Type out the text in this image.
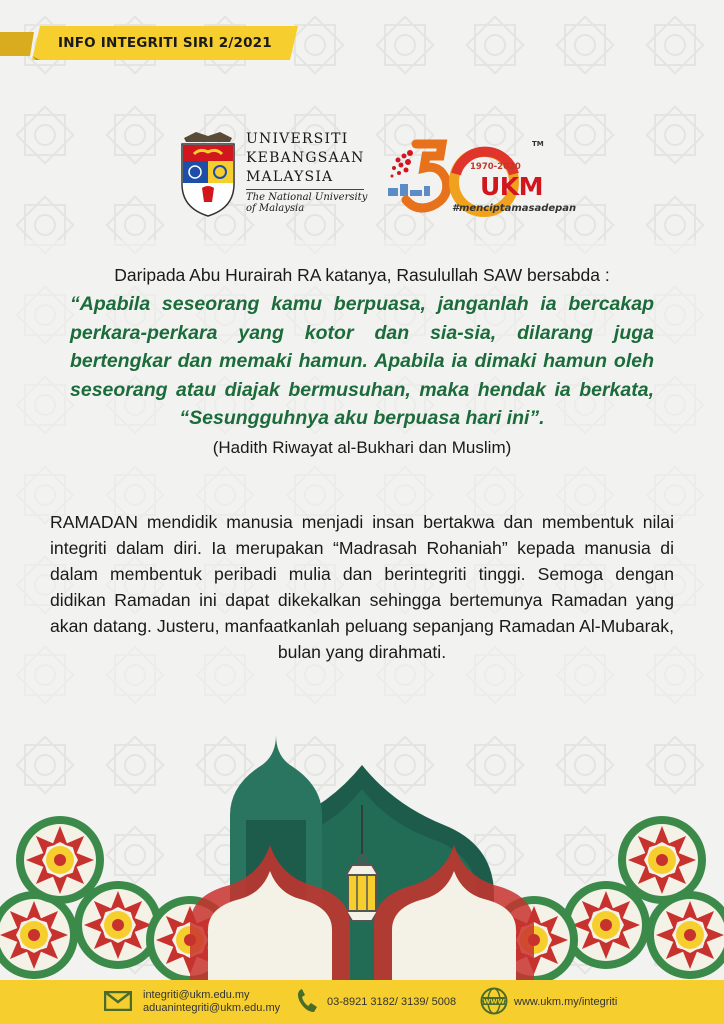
INFO INTEGRITI SIRI 2/2021
UNIVERSITI
KEBANGSAAN
MALAYSIA
The National University
of Malaysia
TM
1970-2020
UKM
#menciptamasadepan
Daripada Abu Hurairah RA katanya, Rasulullah SAW bersabda :
“Apabila seseorang kamu berpuasa, janganlah ia bercakap perkara-perkara yang kotor dan sia-sia, dilarang juga bertengkar dan memaki hamun. Apabila ia dimaki hamun oleh seseorang atau diajak bermusuhan, maka hendak ia berkata, “Sesungguhnya aku berpuasa hari ini”.
(Hadith Riwayat al-Bukhari dan Muslim)
RAMADAN mendidik manusia menjadi insan bertakwa dan membentuk nilai integriti dalam diri. Ia merupakan “Madrasah Rohaniah” kepada manusia di dalam membentuk peribadi mulia dan berintegriti tinggi. Semoga dengan didikan Ramadan ini dapat dikekalkan sehingga bertemunya Ramadan yang akan datang. Justeru, manfaatkanlah peluang sepanjang Ramadan Al-Mubarak, bulan yang dirahmati.
integriti@ukm.edu.my
aduanintegriti@ukm.edu.my	03-8921 3182/ 3139/ 5008	WWW www.ukm.my/integriti
